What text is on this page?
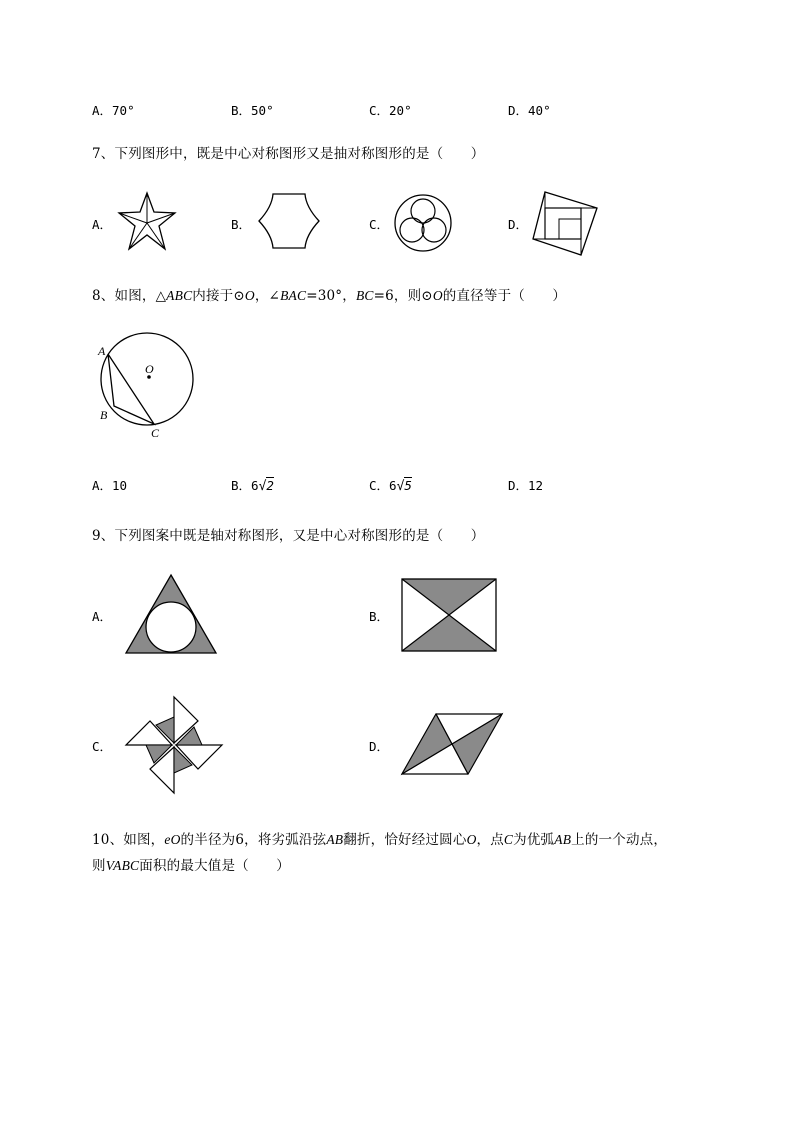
A．70°	B．50°	C．20°	D．40°
7、下列图形中，既是中心对称图形又是抽对称图形的是（　　）
A．	B．	C．	D．
8、如图，△ABC内接于⊙O，∠BAC=30°，BC=6，则⊙O的直径等于（　　）
A
B
C
O
A．10	B．6√2	C．6√5	D．12
9、下列图案中既是轴对称图形，又是中心对称图形的是（　　）
A．	B．
C．	D．
10、如图，eO的半径为6，将劣弧沿弦AB翻折，恰好经过圆心O，点C为优弧AB上的一个动点，
则VABC面积的最大值是（　　）
